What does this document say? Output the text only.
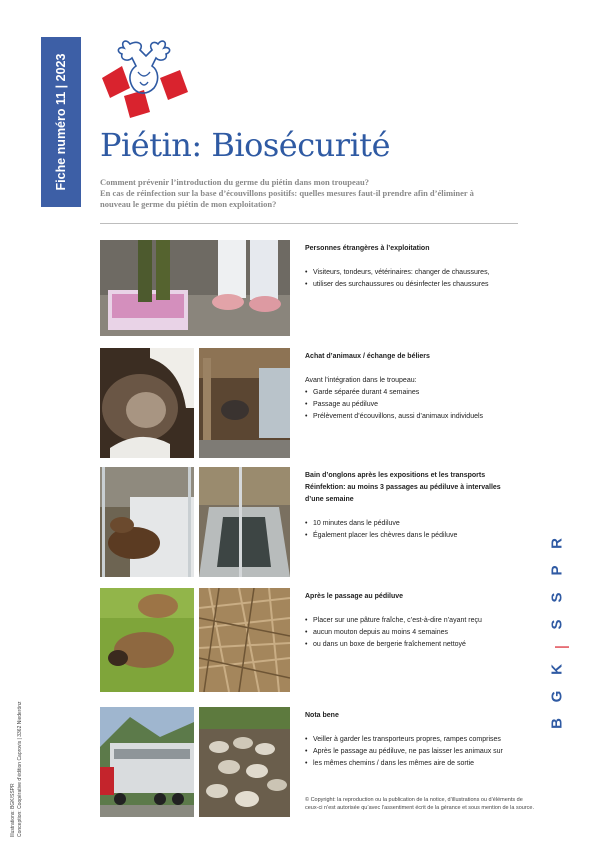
Fiche numéro 11 | 2023
Illustrations: BGK/SSPR Conception: Coopérative d’édition Caprovis | 3362 Niederönz
Piétin: Biosécurité
Comment prévenir l’introduction du germe du piétin dans mon troupeau?
En cas de réinfection sur la base d’écouvillons positifs: quelles mesures faut-il prendre afin d’éliminer à
nouveau le germe du piétin de mon exploitation?
Personnes étrangères à l’exploitation
• Visiteurs, tondeurs, vétérinaires: changer de chaussures,
• utiliser des surchaussures ou désinfecter les chaussures
Achat d’animaux / échange de béliers
Avant l’intégration dans le troupeau:
• Garde séparée durant 4 semaines
• Passage au pédiluve
• Prélèvement d’écouvillons, aussi d’animaux individuels
Bain d’onglons après les expositions et les transports
Réinfektion: au moins 3 passages au pédiluve à intervalles
d’une semaine
• 10 minutes dans le pédiluve
• Également placer les chèvres dans le pédiluve
Après le passage au pédiluve
• Placer sur une pâture fraîche, c’est-à-dire n’ayant reçu
• aucun mouton depuis au moins 4 semaines
• ou dans un boxe de bergerie fraîchement nettoyé
Nota bene
• Veiller à garder les transporteurs propres, rampes comprises
• Après le passage au pédiluve, ne pas laisser les animaux sur
• les mêmes chemins / dans les mêmes aire de sortie
R
P
S
S
|
K
G
B
© Copyright: la reproduction ou la publication de la notice, d’illustrations ou d’éléments de
ceux-ci n’est autorisée qu’avec l’assentiment écrit de la gérance et sous mention de la source.
